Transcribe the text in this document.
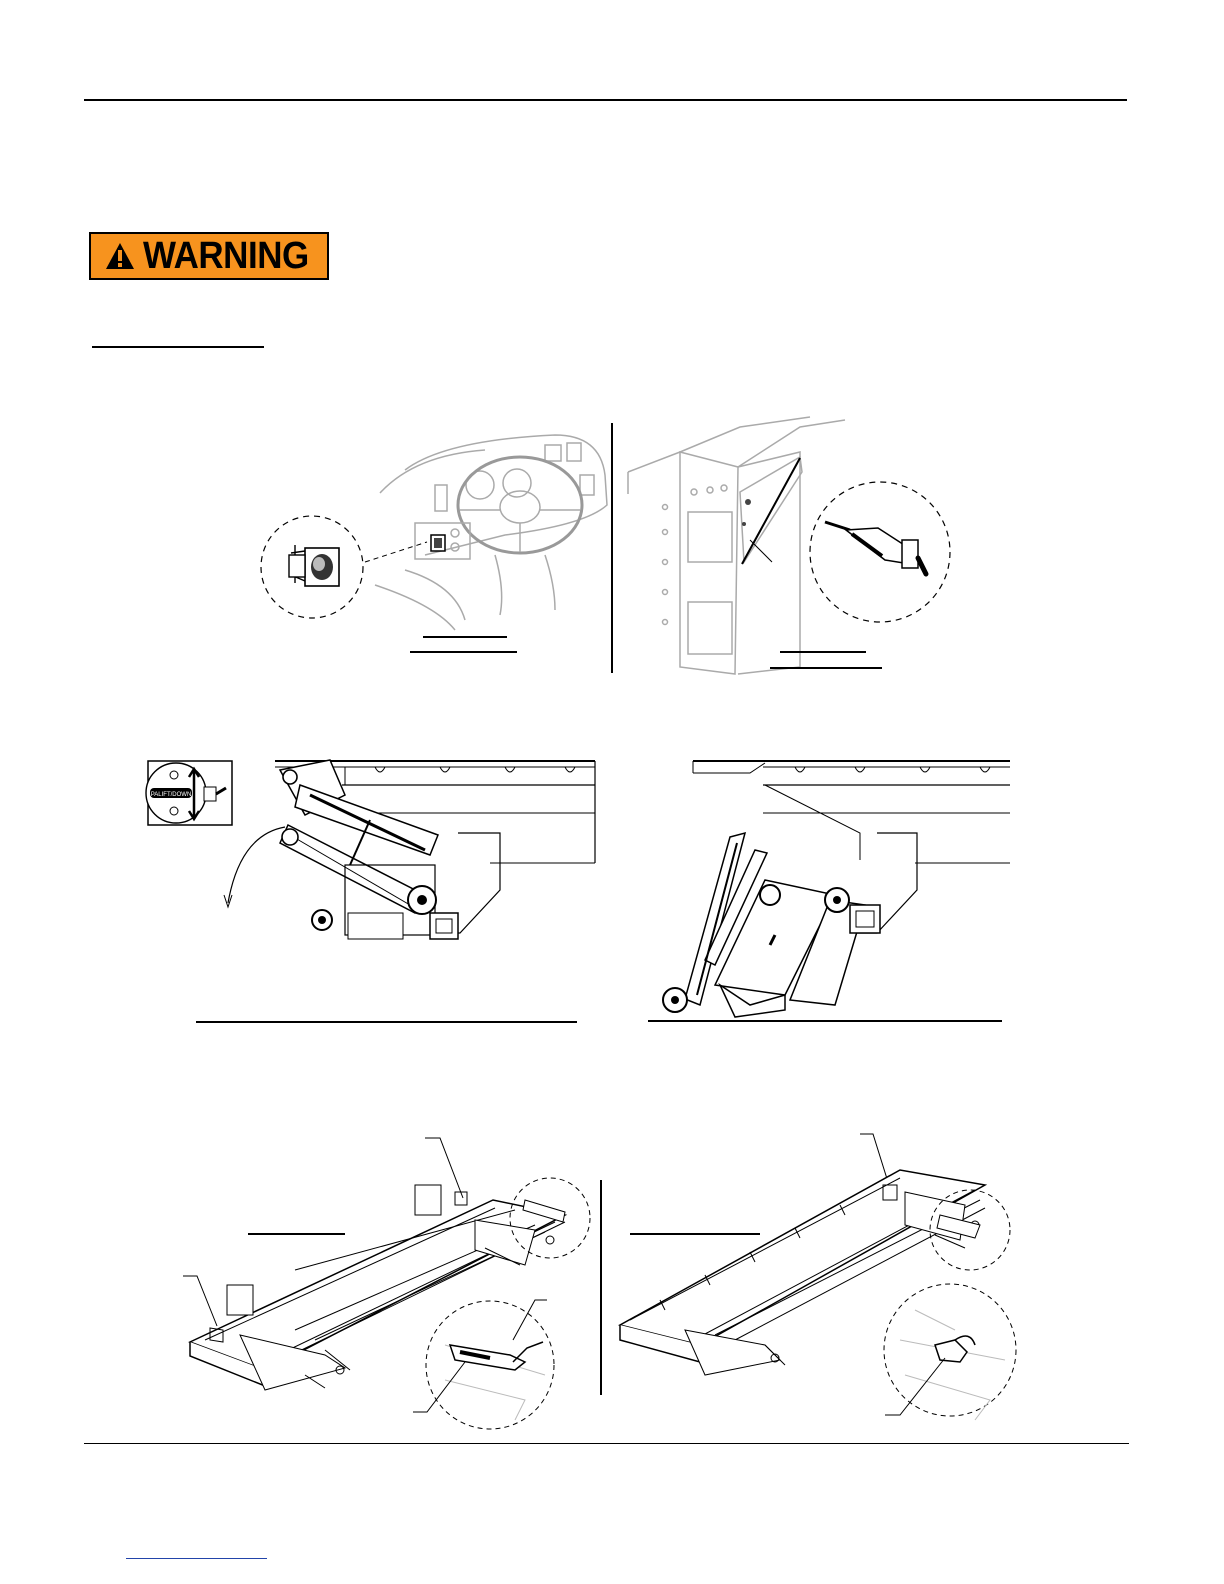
WARNING
PALIFT/DOWN
